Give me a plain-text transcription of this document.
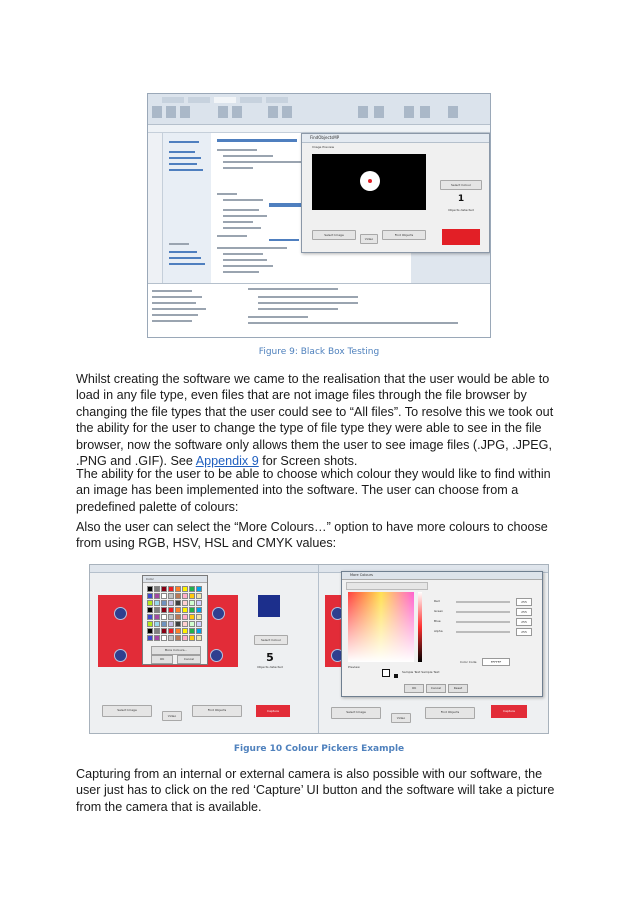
FindObjectsMP
Image Preview
Select Colour
1
Objects detected
Select Image
Video
Find Objects
Figure 9: Black Box Testing
Whilst creating the software we came to the realisation that the user would be able to load in any file type, even files that are not image files through the file browser by changing the file types that the user could see to “All files”. To resolve this we took out the ability for the user to change the type of file type they were able to see in the file browser, now the software only allows them the user to see image files (.JPG, .JPEG, .PNG and .GIF). See Appendix 9 for Screen shots.
The ability for the user to be able to choose which colour they would like to find within an image has been implemented into the software. The user can choose from a predefined palette of colours:
Also the user can select the “More Colours…” option to have more colours to choose from using RGB, HSV, HSL and CMYK values:
Select Colour
5
Objects detected
Capture
Select Image
Video
Find Objects
Color
More Colours...
OK	Cancel
Select Image
Video
Find Objects	Capture
More Colours
Red	255
Green	255
Blue	255
Alpha	255
Color Code	FFFFFF
Preview
Sample Text Sample Text
OK	Cancel	Reset
Figure 10 Colour Pickers Example
Capturing from an internal or external camera is also possible with our software, the user just has to click on the red ‘Capture’ UI button and the software will take a picture from the camera that is available.
